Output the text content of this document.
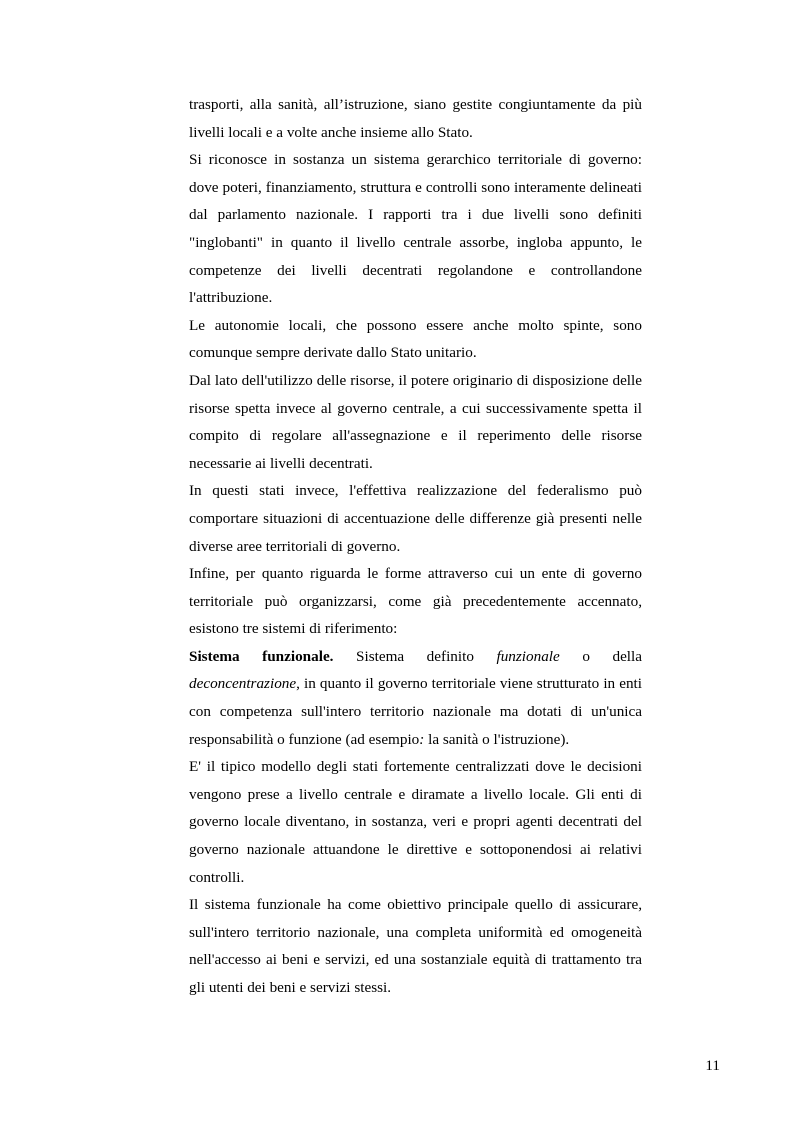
trasporti, alla sanità, all’istruzione, siano gestite congiuntamente da più livelli locali e a volte anche insieme allo Stato.

Si riconosce in sostanza un sistema gerarchico territoriale di governo: dove poteri, finanziamento, struttura e controlli sono interamente delineati dal parlamento nazionale. I rapporti tra i due livelli sono definiti "inglobanti" in quanto il livello centrale assorbe, ingloba appunto, le competenze dei livelli decentrati regolandone e controllandone l'attribuzione.

Le autonomie locali, che possono essere anche molto spinte, sono comunque sempre derivate dallo Stato unitario.

Dal lato dell'utilizzo delle risorse, il potere originario di disposizione delle risorse spetta invece al governo centrale, a cui successivamente spetta il compito di regolare all'assegnazione e il reperimento delle risorse necessarie ai livelli decentrati.

In questi stati invece, l'effettiva realizzazione del federalismo può comportare situazioni di accentuazione delle differenze già presenti nelle diverse aree territoriali di governo.

Infine, per quanto riguarda le forme attraverso cui un ente di governo territoriale può organizzarsi, come già precedentemente accennato, esistono tre sistemi di riferimento:

Sistema funzionale. Sistema definito funzionale o della deconcentrazione, in quanto il governo territoriale viene strutturato in enti con competenza sull'intero territorio nazionale ma dotati di un'unica responsabilità o funzione (ad esempio: la sanità o l'istruzione).

E' il tipico modello degli stati fortemente centralizzati dove le decisioni vengono prese a livello centrale e diramate a livello locale. Gli enti di governo locale diventano, in sostanza, veri e propri agenti decentrati del governo nazionale attuandone le direttive e sottoponendosi ai relativi controlli.

Il sistema funzionale ha come obiettivo principale quello di assicurare, sull'intero territorio nazionale, una completa uniformità ed omogeneità nell'accesso ai beni e servizi, ed una sostanziale equità di trattamento tra gli utenti dei beni e servizi stessi.

11
